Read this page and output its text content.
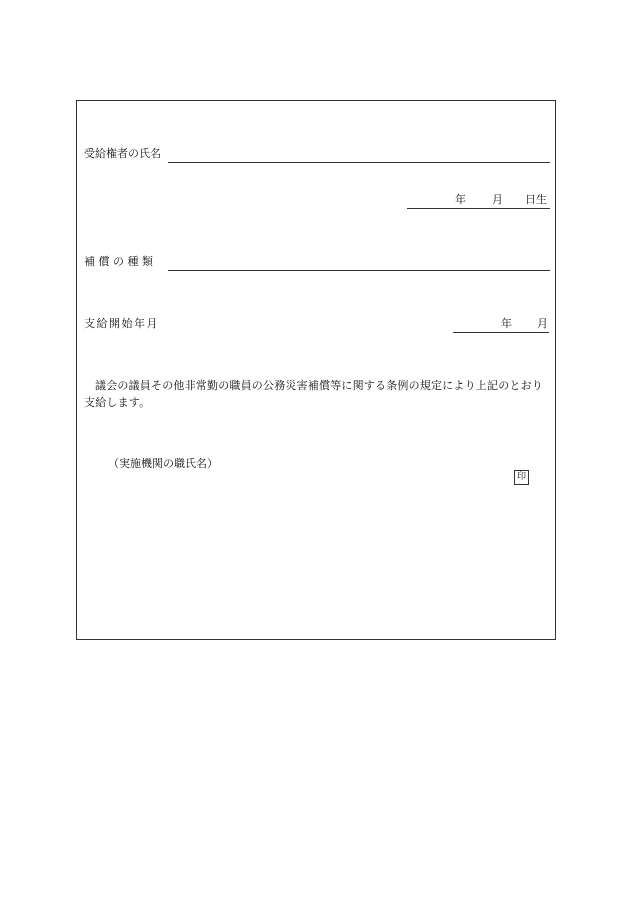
受給権者の氏名
年 月 日生
補 償 の 種 類
支給開始年月	年 月
議会の議員その他非常勤の職員の公務災害補償等に関する条例の規定により上記のとおり支給します。
（実施機関の職氏名）
印
